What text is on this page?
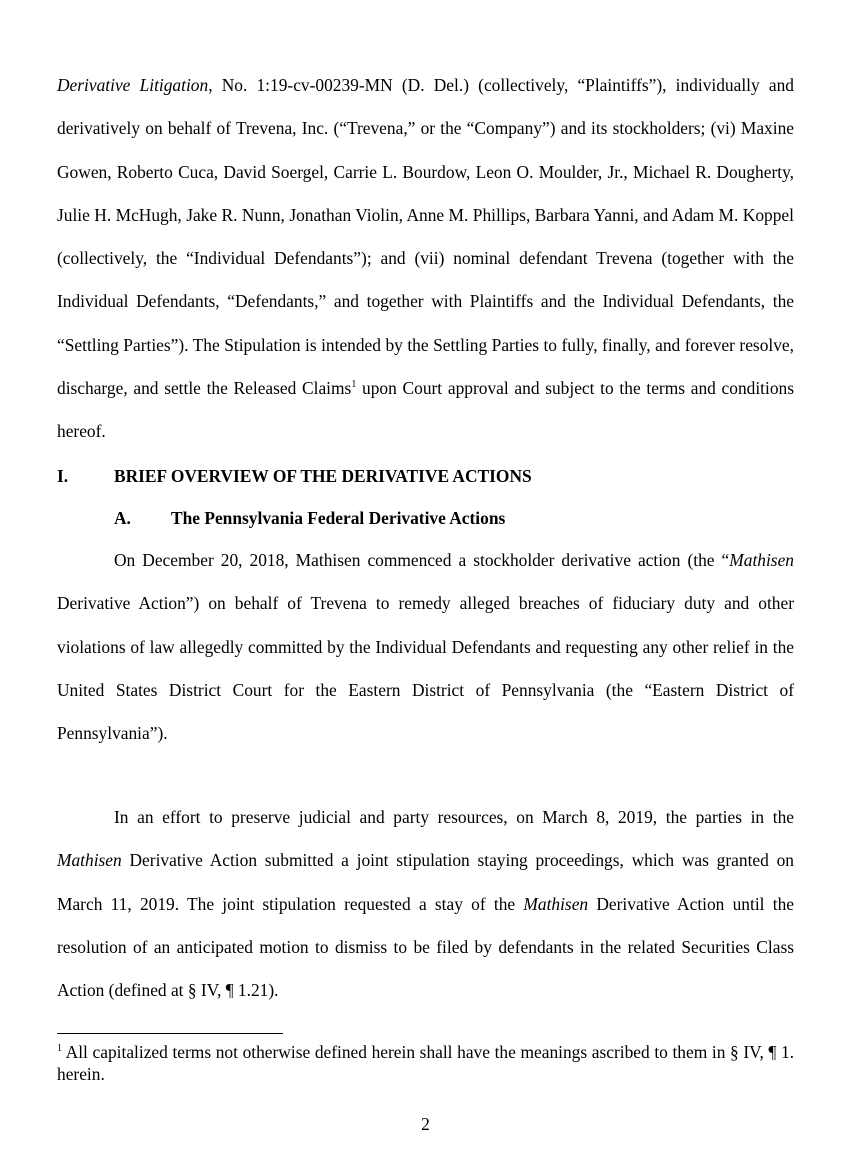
Derivative Litigation, No. 1:19-cv-00239-MN (D. Del.) (collectively, “Plaintiffs”), individually and derivatively on behalf of Trevena, Inc. (“Trevena,” or the “Company”) and its stockholders; (vi) Maxine Gowen, Roberto Cuca, David Soergel, Carrie L. Bourdow, Leon O. Moulder, Jr., Michael R. Dougherty, Julie H. McHugh, Jake R. Nunn, Jonathan Violin, Anne M. Phillips, Barbara Yanni, and Adam M. Koppel (collectively, the “Individual Defendants”); and (vii) nominal defendant Trevena (together with the Individual Defendants, “Defendants,” and together with Plaintiffs and the Individual Defendants, the “Settling Parties”). The Stipulation is intended by the Settling Parties to fully, finally, and forever resolve, discharge, and settle the Released Claims$^1$ upon Court approval and subject to the terms and conditions hereof.

I.	BRIEF OVERVIEW OF THE DERIVATIVE ACTIONS
A. The Pennsylvania Federal Derivative Actions

On December 20, 2018, Mathisen commenced a stockholder derivative action (the “Mathisen Derivative Action”) on behalf of Trevena to remedy alleged breaches of fiduciary duty and other violations of law allegedly committed by the Individual Defendants and requesting any other relief in the United States District Court for the Eastern District of Pennsylvania (the “Eastern District of Pennsylvania”).

In an effort to preserve judicial and party resources, on March 8, 2019, the parties in the Mathisen Derivative Action submitted a joint stipulation staying proceedings, which was granted on March 11, 2019. The joint stipulation requested a stay of the Mathisen Derivative Action until the resolution of an anticipated motion to dismiss to be filed by defendants in the related Securities Class Action (defined at § IV, ¶ 1.21).

$^1$ All capitalized terms not otherwise defined herein shall have the meanings ascribed to them in § IV, ¶ 1. herein.

2
